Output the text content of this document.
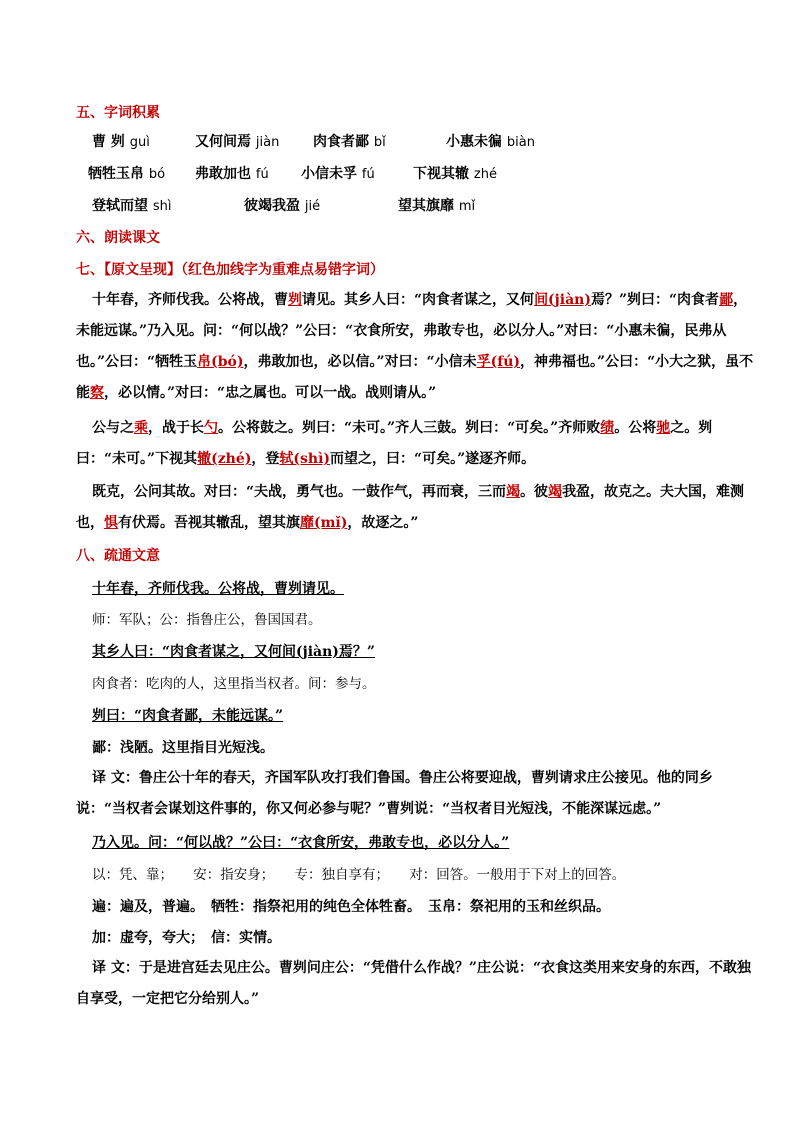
五、字词积累
曹 刿 guì	又何间焉 jiàn 肉食者鄙 bǐ	小惠未徧 biàn
牺牲玉帛 bó 弗敢加也 fú 小信未孚 fú	下视其辙 zhé
登轼而望 shì	彼竭我盈 jié	望其旗靡 mǐ
六、朗读课文
七、【原文呈现】（红色加线字为重难点易错字词）
十年春，齐师伐我。公将战，曹刿请见。其乡人曰：“肉食者谋之，又何间(jiàn)焉？”刿曰：“肉食者鄙，未能远谋。”乃入见。问：“何以战？”公曰：“衣食所安，弗敢专也，必以分人。”对曰：“小惠未徧，民弗从也。”公曰：“牺牲玉帛(bó)，弗敢加也，必以信。”对曰：“小信未孚(fú)，神弗福也。”公曰：“小大之狱，虽不能察，必以情。”对曰：“忠之属也。可以一战。战则请从。”
公与之乘，战于长勺。公将鼓之。刿曰：“未可。”齐人三鼓。刿曰：“可矣。”齐师败绩。公将驰之。刿曰：“未可。”下视其辙(zhé)，登轼(shì)而望之，曰：“可矣。”遂逐齐师。
既克，公问其故。对曰：“夫战，勇气也。一鼓作气，再而衰，三而竭。彼竭我盈，故克之。夫大国，难测也，惧有伏焉。吾视其辙乱，望其旗靡(mǐ)，故逐之。”
八、疏通文意
十年春，齐师伐我。公将战，曹刿请见。
师：军队；公：指鲁庄公，鲁国国君。
其乡人曰：“肉食者谋之，又何间(jiàn)焉？”
肉食者：吃肉的人，这里指当权者。间：参与。
刿曰：“肉食者鄙，未能远谋。”
鄙：浅陋。这里指目光短浅。
译 文：鲁庄公十年的春天，齐国军队攻打我们鲁国。鲁庄公将要迎战，曹刿请求庄公接见。他的同乡说：“当权者会谋划这件事的，你又何必参与呢？”曹刿说：“当权者目光短浅，不能深谋远虑。”
乃入见。问：“何以战？”公曰：“衣食所安，弗敢专也，必以分人。”
以：凭、靠；　　安：指安身；　　专：独自享有；　　对：回答。一般用于下对上的回答。
遍：遍及，普遍。　牺牲：指祭祀用的纯色全体牲畜。　玉帛：祭祀用的玉和丝织品。
加：虚夸，夸大；　信：实情。
译 文：于是进宫廷去见庄公。曹刿问庄公：“凭借什么作战？”庄公说：“衣食这类用来安身的东西，不敢独自享受，一定把它分给别人。”
